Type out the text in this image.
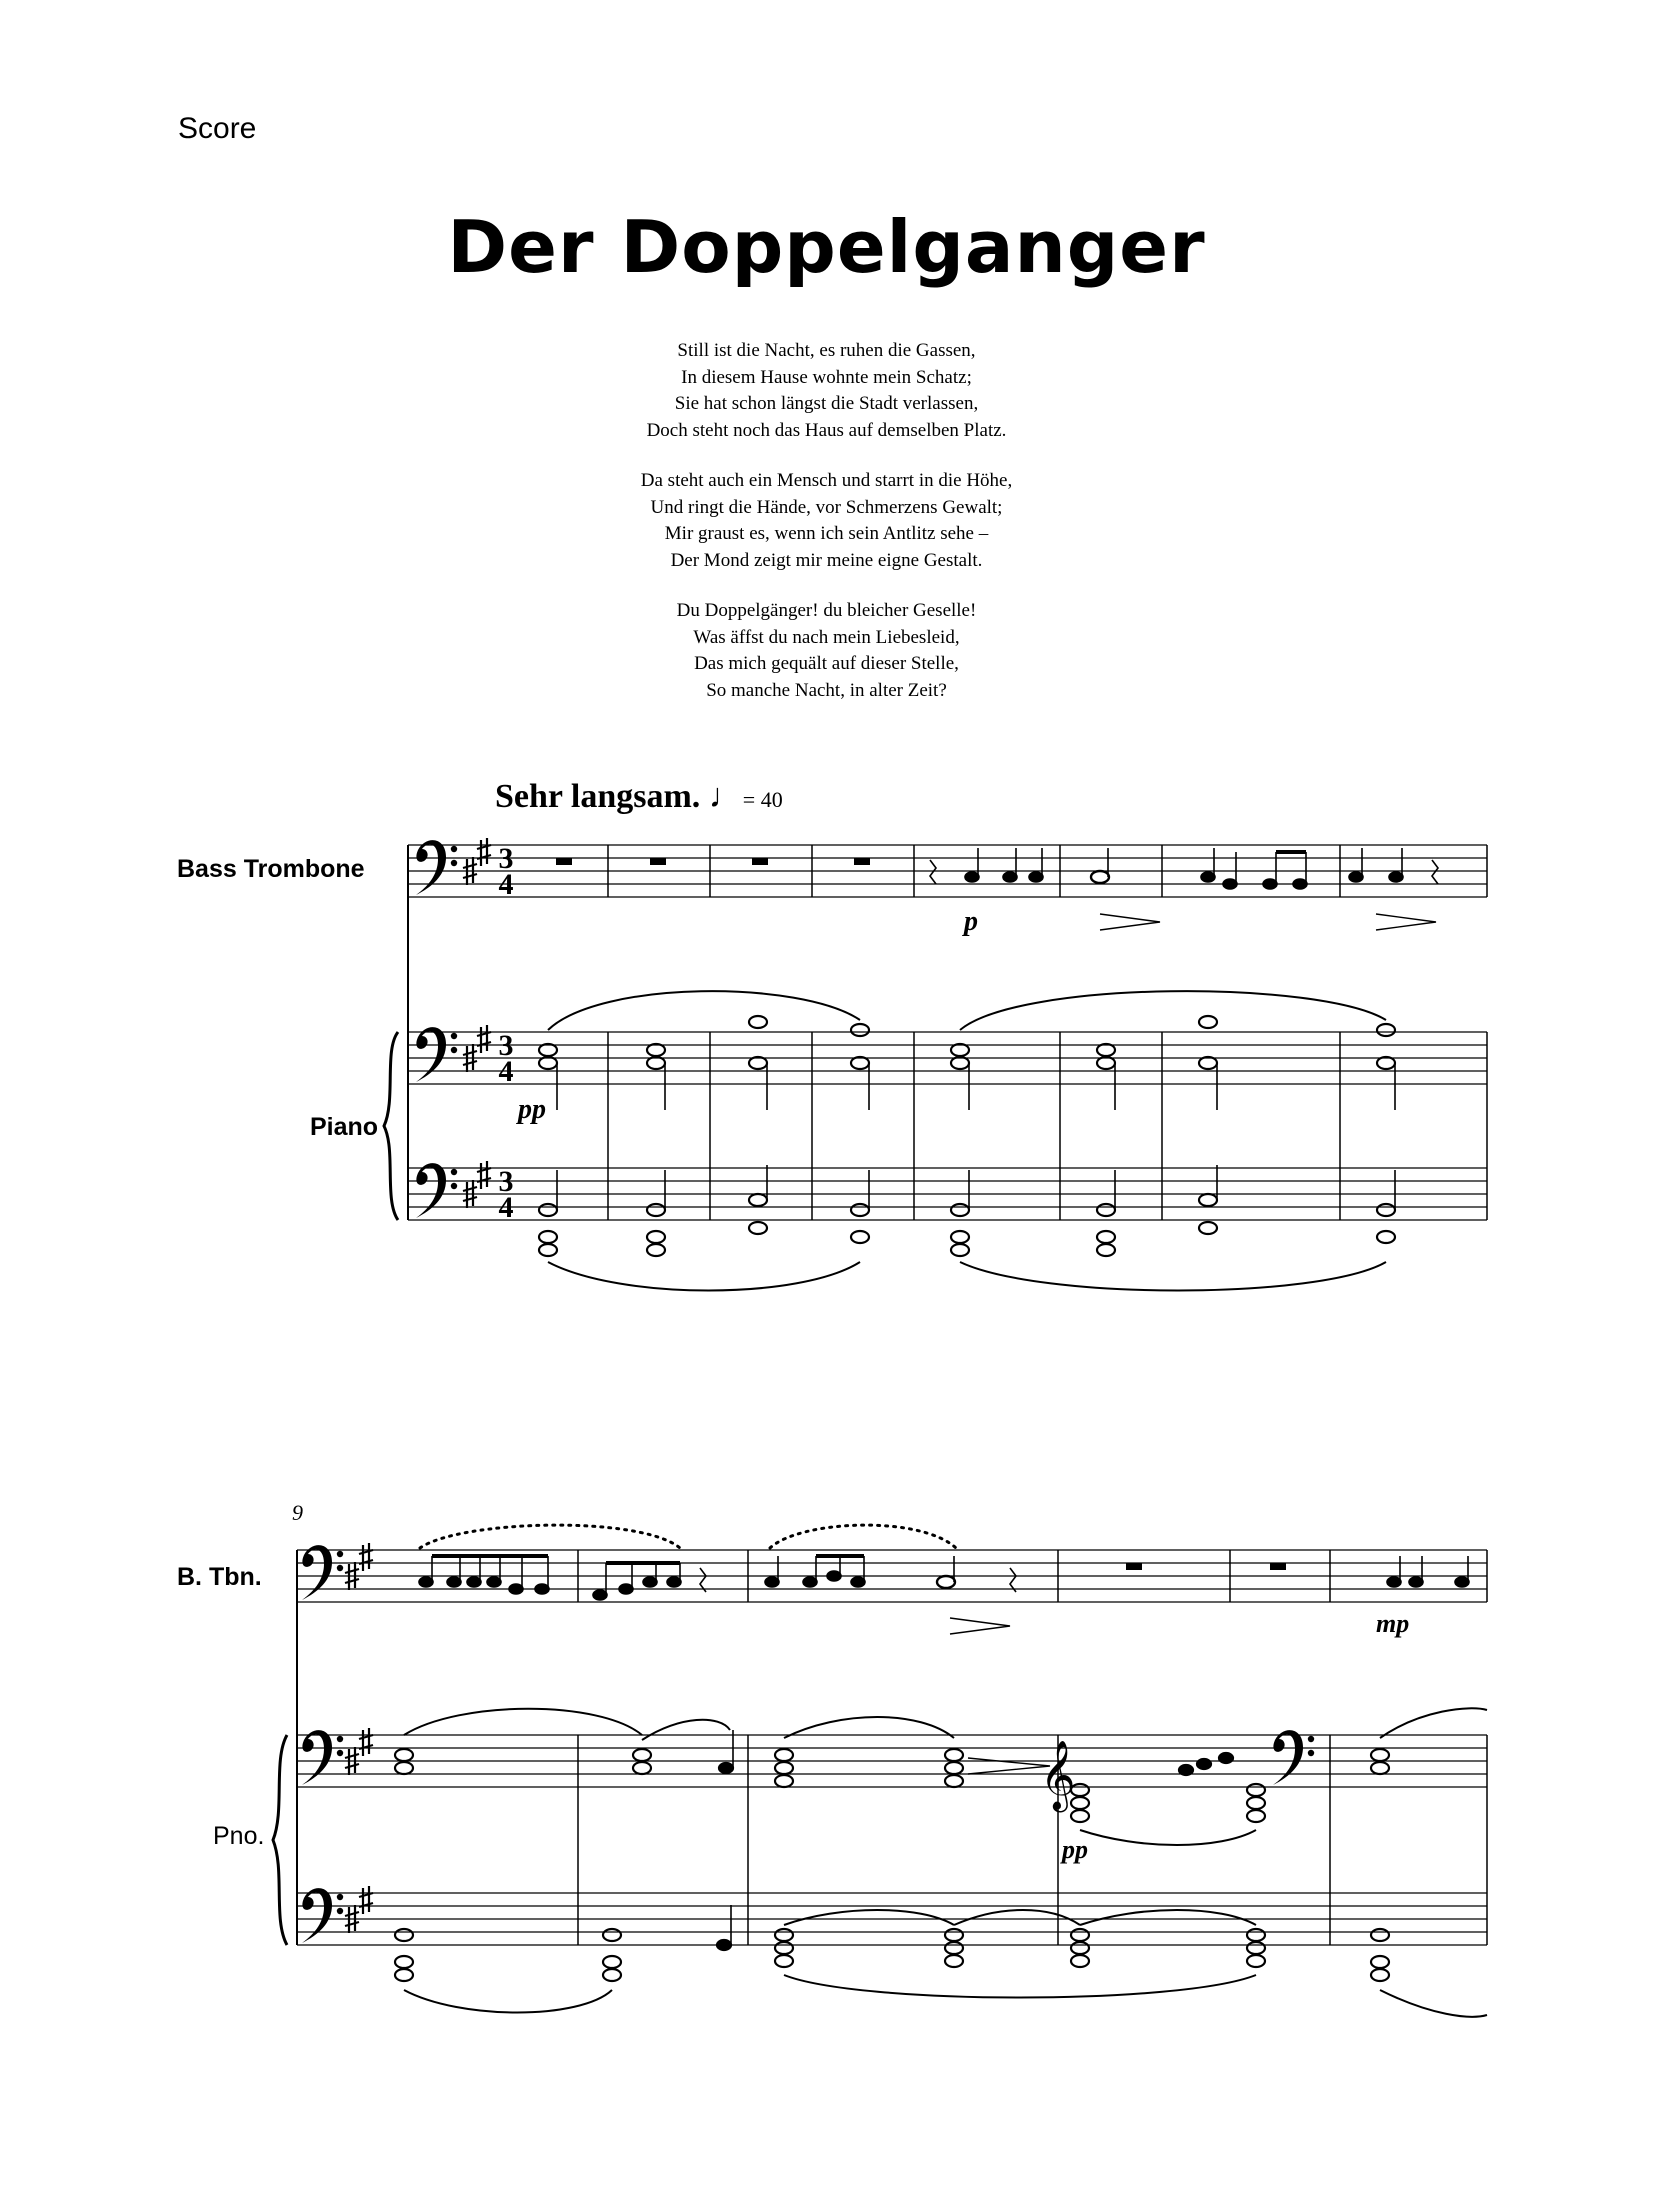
Score
Der Doppelganger
Still ist die Nacht, es ruhen die Gassen,
In diesem Hause wohnte mein Schatz;
Sie hat schon längst die Stadt verlassen,
Doch steht noch das Haus auf demselben Platz.
Da steht auch ein Mensch und starrt in die Höhe,
Und ringt die Hände, vor Schmerzens Gewalt;
Mir graust es, wenn ich sein Antlitz sehe –
Der Mond zeigt mir meine eigne Gestalt.
Du Doppelgänger! du bleicher Geselle!
Was äffst du nach mein Liebesleid,
Das mich gequält auf dieser Stelle,
So manche Nacht, in alter Zeit?
Sehr langsam. ♩= 40
Bass Trombone
Piano
9
B. Tbn.
Pno.
3
4
3
4
3
4
p
pp
𝄞
mp
pp
